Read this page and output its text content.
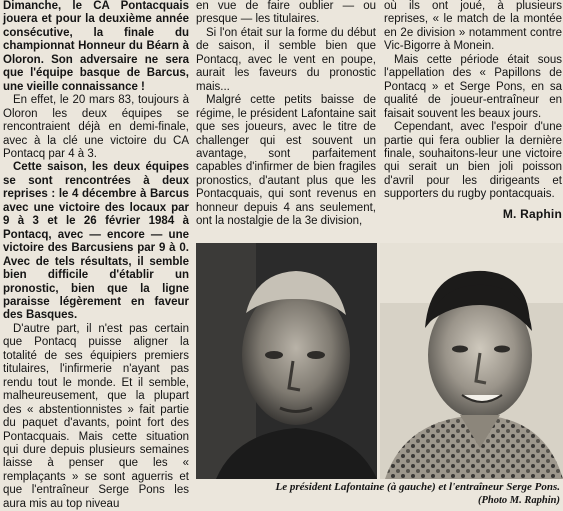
Dimanche, le CA Pontacquais jouera et pour la deuxième année consécutive, la finale du championnat Honneur du Béarn à Oloron. Son adversaire ne sera que l'équipe basque de Barcus, une vieille connaissance !

En effet, le 20 mars 83, toujours à Oloron les deux équipes se rencontraient déjà en demi-finale, avec à la clé une victoire du CA Pontacq par 4 à 3.

Cette saison, les deux équipes se sont rencontrées à deux reprises : le 4 décembre à Barcus avec une victoire des locaux par 9 à 3 et le 26 février 1984 à Pontacq, avec — encore — une victoire des Barcusiens par 9 à 0. Avec de tels résultats, il semble bien difficile d'établir un pronostic, bien que la ligne paraisse légèrement en faveur des Basques.

D'autre part, il n'est pas certain que Pontacq puisse aligner la totalité de ses équipiers premiers titulaires, l'infirmerie n'ayant pas rendu tout le monde. Et il semble, malheureusement, que la plupart des « abstentionnistes » fait partie du paquet d'avants, point fort des Pontacquais. Mais cette situation qui dure depuis plusieurs semaines laisse à penser que les « remplaçants » se sont aguerris et que l'entraîneur Serge Pons les aura mis au top niveau

en vue de faire oublier — ou presque — les titulaires.

Si l'on était sur la forme du début de saison, il semble bien que Pontacq, avec le vent en poupe, aurait les faveurs du pronostic mais...

Malgré cette petits baisse de régime, le président Lafontaine sait que ses joueurs, avec le titre de challenger qui est souvent un avantage, sont parfaitement capables d'infirmer de bien fragiles pronostics, d'autant plus que les Pontacquais, qui sont revenus en honneur depuis 4 ans seulement, ont la nostalgie de la 3e division,

où ils ont joué, à plusieurs reprises, « le match de la montée en 2e division » notamment contre Vic-Bigorre à Monein.

Mais cette période était sous l'appellation des « Papillons de Pontacq » et Serge Pons, en sa qualité de joueur-entraîneur en faisait souvent les beaux jours.

Cependant, avec l'espoir d'une partie qui fera oublier la dernière finale, souhaitons-leur une victoire qui serait un bien joli poisson d'avril pour les dirigeants et supporters du rugby pontacquais.

M. Raphin
Le président Lafontaine (à gauche) et l'entraîneur Serge Pons.
(Photo M. Raphin)
